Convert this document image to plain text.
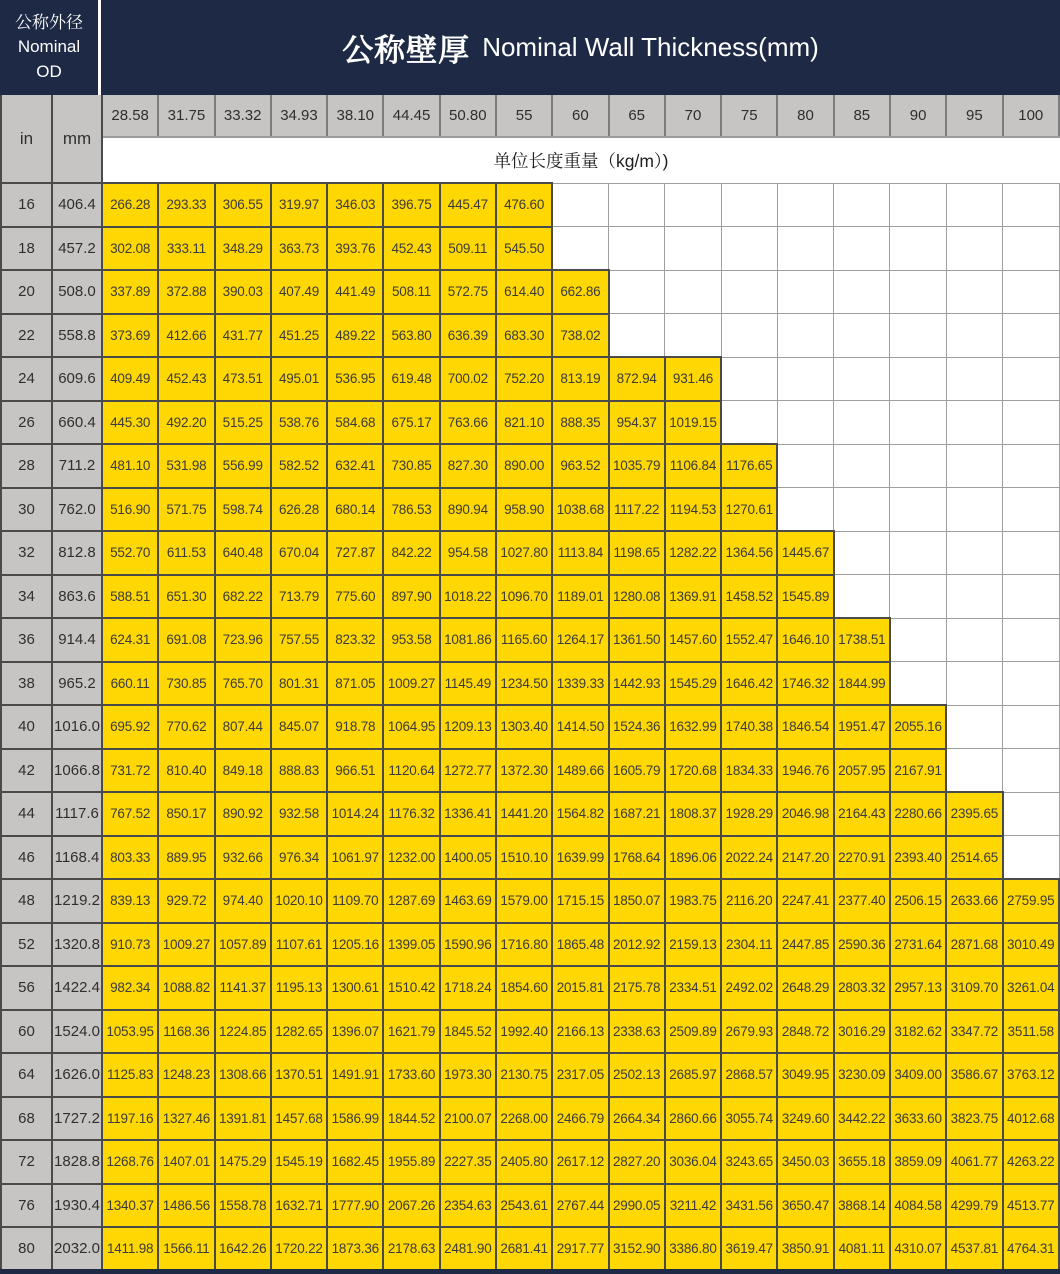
公称外径
Nominal
OD
公称壁厚 Nominal Wall Thickness(mm)
in	mm	28.58	31.75	33.32	34.93	38.10	44.45	50.80	55	60	65	70	75	80	85	90	95	100
		单位长度重量（kg/m）)																
16	406.4	266.28	293.33	306.55	319.97	346.03	396.75	445.47	476.60									
18	457.2	302.08	333.11	348.29	363.73	393.76	452.43	509.11	545.50									
20	508.0	337.89	372.88	390.03	407.49	441.49	508.11	572.75	614.40	662.86								
22	558.8	373.69	412.66	431.77	451.25	489.22	563.80	636.39	683.30	738.02								
24	609.6	409.49	452.43	473.51	495.01	536.95	619.48	700.02	752.20	813.19	872.94	931.46						
26	660.4	445.30	492.20	515.25	538.76	584.68	675.17	763.66	821.10	888.35	954.37	1019.15						
28	711.2	481.10	531.98	556.99	582.52	632.41	730.85	827.30	890.00	963.52	1035.79	1106.84	1176.65					
30	762.0	516.90	571.75	598.74	626.28	680.14	786.53	890.94	958.90	1038.68	1117.22	1194.53	1270.61					
32	812.8	552.70	611.53	640.48	670.04	727.87	842.22	954.58	1027.80	1113.84	1198.65	1282.22	1364.56	1445.67				
34	863.6	588.51	651.30	682.22	713.79	775.60	897.90	1018.22	1096.70	1189.01	1280.08	1369.91	1458.52	1545.89				
36	914.4	624.31	691.08	723.96	757.55	823.32	953.58	1081.86	1165.60	1264.17	1361.50	1457.60	1552.47	1646.10	1738.51			
38	965.2	660.11	730.85	765.70	801.31	871.05	1009.27	1145.49	1234.50	1339.33	1442.93	1545.29	1646.42	1746.32	1844.99			
40	1016.0	695.92	770.62	807.44	845.07	918.78	1064.95	1209.13	1303.40	1414.50	1524.36	1632.99	1740.38	1846.54	1951.47	2055.16		
42	1066.8	731.72	810.40	849.18	888.83	966.51	1120.64	1272.77	1372.30	1489.66	1605.79	1720.68	1834.33	1946.76	2057.95	2167.91		
44	1117.6	767.52	850.17	890.92	932.58	1014.24	1176.32	1336.41	1441.20	1564.82	1687.21	1808.37	1928.29	2046.98	2164.43	2280.66	2395.65	
46	1168.4	803.33	889.95	932.66	976.34	1061.97	1232.00	1400.05	1510.10	1639.99	1768.64	1896.06	2022.24	2147.20	2270.91	2393.40	2514.65	
48	1219.2	839.13	929.72	974.40	1020.10	1109.70	1287.69	1463.69	1579.00	1715.15	1850.07	1983.75	2116.20	2247.41	2377.40	2506.15	2633.66	2759.95
52	1320.8	910.73	1009.27	1057.89	1107.61	1205.16	1399.05	1590.96	1716.80	1865.48	2012.92	2159.13	2304.11	2447.85	2590.36	2731.64	2871.68	3010.49
56	1422.4	982.34	1088.82	1141.37	1195.13	1300.61	1510.42	1718.24	1854.60	2015.81	2175.78	2334.51	2492.02	2648.29	2803.32	2957.13	3109.70	3261.04
60	1524.0	1053.95	1168.36	1224.85	1282.65	1396.07	1621.79	1845.52	1992.40	2166.13	2338.63	2509.89	2679.93	2848.72	3016.29	3182.62	3347.72	3511.58
64	1626.0	1125.83	1248.23	1308.66	1370.51	1491.91	1733.60	1973.30	2130.75	2317.05	2502.13	2685.97	2868.57	3049.95	3230.09	3409.00	3586.67	3763.12
68	1727.2	1197.16	1327.46	1391.81	1457.68	1586.99	1844.52	2100.07	2268.00	2466.79	2664.34	2860.66	3055.74	3249.60	3442.22	3633.60	3823.75	4012.68
72	1828.8	1268.76	1407.01	1475.29	1545.19	1682.45	1955.89	2227.35	2405.80	2617.12	2827.20	3036.04	3243.65	3450.03	3655.18	3859.09	4061.77	4263.22
76	1930.4	1340.37	1486.56	1558.78	1632.71	1777.90	2067.26	2354.63	2543.61	2767.44	2990.05	3211.42	3431.56	3650.47	3868.14	4084.58	4299.79	4513.77
80	2032.0	1411.98	1566.11	1642.26	1720.22	1873.36	2178.63	2481.90	2681.41	2917.77	3152.90	3386.80	3619.47	3850.91	4081.11	4310.07	4537.81	4764.31
